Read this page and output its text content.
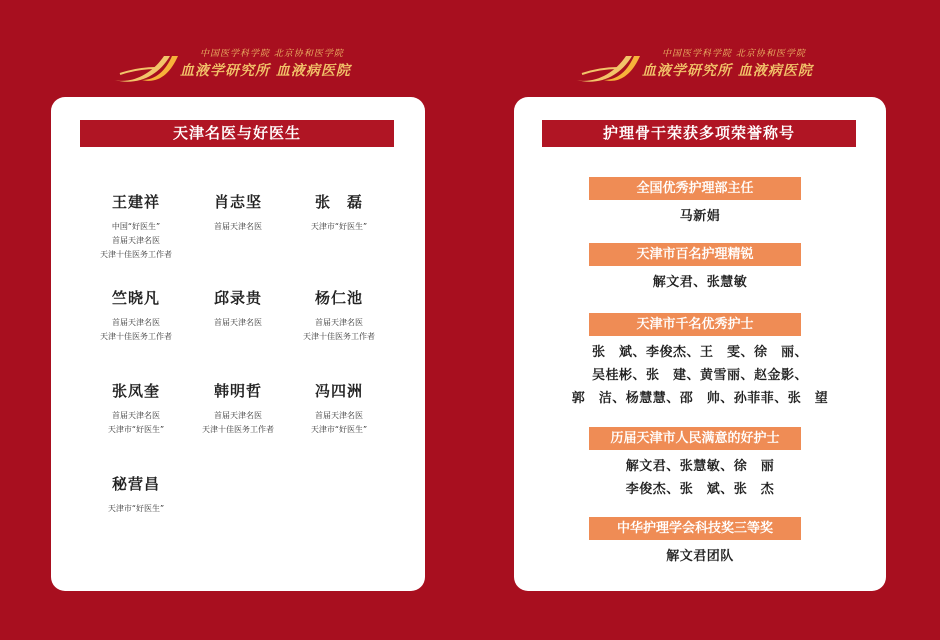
中国医学科学院 北京协和医学院
血液学研究所 血液病医院
中国医学科学院 北京协和医学院
血液学研究所 血液病医院
天津名医与好医生
王建祥
中国“好医生”
首届天津名医
天津十佳医务工作者
肖志坚
首届天津名医
张　磊
天津市“好医生”
竺晓凡
首届天津名医
天津十佳医务工作者
邱录贵
首届天津名医
杨仁池
首届天津名医
天津十佳医务工作者
张凤奎
首届天津名医
天津市“好医生”
韩明哲
首届天津名医
天津十佳医务工作者
冯四洲
首届天津名医
天津市“好医生”
秘营昌
天津市“好医生”
护理骨干荣获多项荣誉称号
全国优秀护理部主任
马新娟
天津市百名护理精锐
解文君、张慧敏
天津市千名优秀护士
张　斌、李俊杰、王　雯、徐　丽、
吴桂彬、张　建、黄雪丽、赵金影、
郭　洁、杨慧慧、邵　帅、孙菲菲、张　望
历届天津市人民满意的好护士
解文君、张慧敏、徐　丽
李俊杰、张　斌、张　杰
中华护理学会科技奖三等奖
解文君团队
